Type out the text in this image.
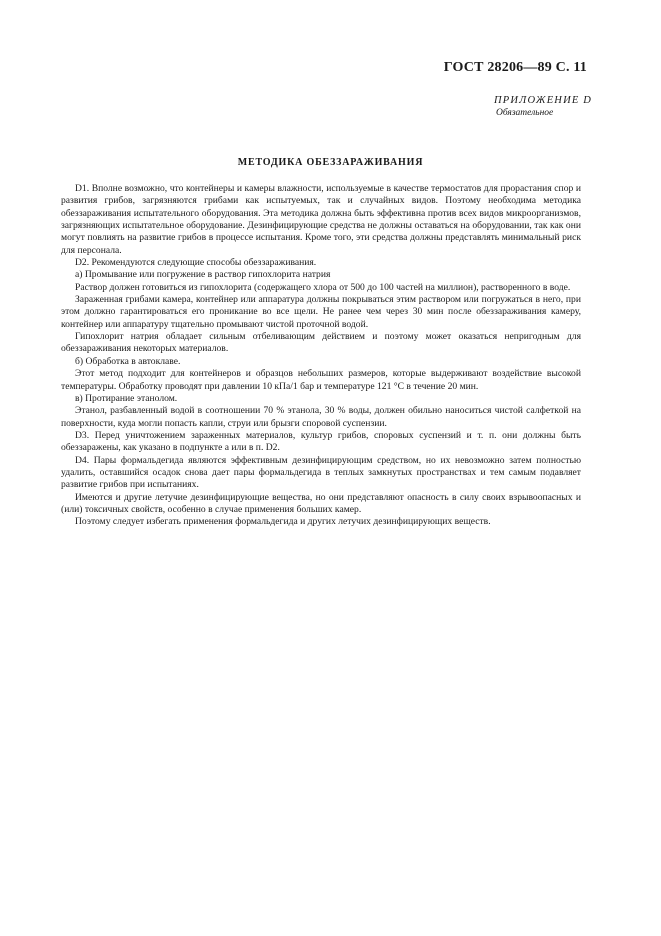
ГОСТ 28206—89 С. 11
ПРИЛОЖЕНИЕ D
Обязательное
МЕТОДИКА ОБЕЗЗАРАЖИВАНИЯ

D1. Вполне возможно, что контейнеры и камеры влажности, используемые в качестве термостатов для прорастания спор и развития грибов, загрязняются грибами как испытуемых, так и случайных видов. Поэтому необходима методика обеззараживания испытательного оборудования. Эта методика должна быть эффективна против всех видов микроорганизмов, загрязняющих испытательное оборудование. Дезинфицирующие средства не должны оставаться на оборудовании, так как они могут повлиять на развитие грибов в процессе испытания. Кроме того, эти средства должны представлять минимальный риск для персонала.

D2. Рекомендуются следующие способы обеззараживания.

а) Промывание или погружение в раствор гипохлорита натрия

Раствор должен готовиться из гипохлорита (содержащего хлора от 500 до 100 частей на миллион), растворенного в воде.

Зараженная грибами камера, контейнер или аппаратура должны покрываться этим раствором или погружаться в него, при этом должно гарантироваться его проникание во все щели. Не ранее чем через 30 мин после обеззараживания камеру, контейнер или аппаратуру тщательно промывают чистой проточной водой.

Гипохлорит натрия обладает сильным отбеливающим действием и поэтому может оказаться непригодным для обеззараживания некоторых материалов.

б) Обработка в автоклаве.

Этот метод подходит для контейнеров и образцов небольших размеров, которые выдерживают воздействие высокой температуры. Обработку проводят при давлении 10 кПа/1 бар и температуре 121 °С в течение 20 мин.

в) Протирание этанолом.

Этанол, разбавленный водой в соотношении 70 % этанола, 30 % воды, должен обильно наноситься чистой салфеткой на поверхности, куда могли попасть капли, струи или брызги споровой суспензии.

D3. Перед уничтожением зараженных материалов, культур грибов, споровых суспензий и т. п. они должны быть обеззаражены, как указано в подпункте а или в п. D2.

D4. Пары формальдегида являются эффективным дезинфицирующим средством, но их невозможно затем полностью удалить, оставшийся осадок снова дает пары формальдегида в теплых замкнутых пространствах и тем самым подавляет развитие грибов при испытаниях.

Имеются и другие летучие дезинфицирующие вещества, но они представляют опасность в силу своих взрывоопасных и (или) токсичных свойств, особенно в случае применения больших камер.

Поэтому следует избегать применения формальдегида и других летучих дезинфицирующих веществ.
